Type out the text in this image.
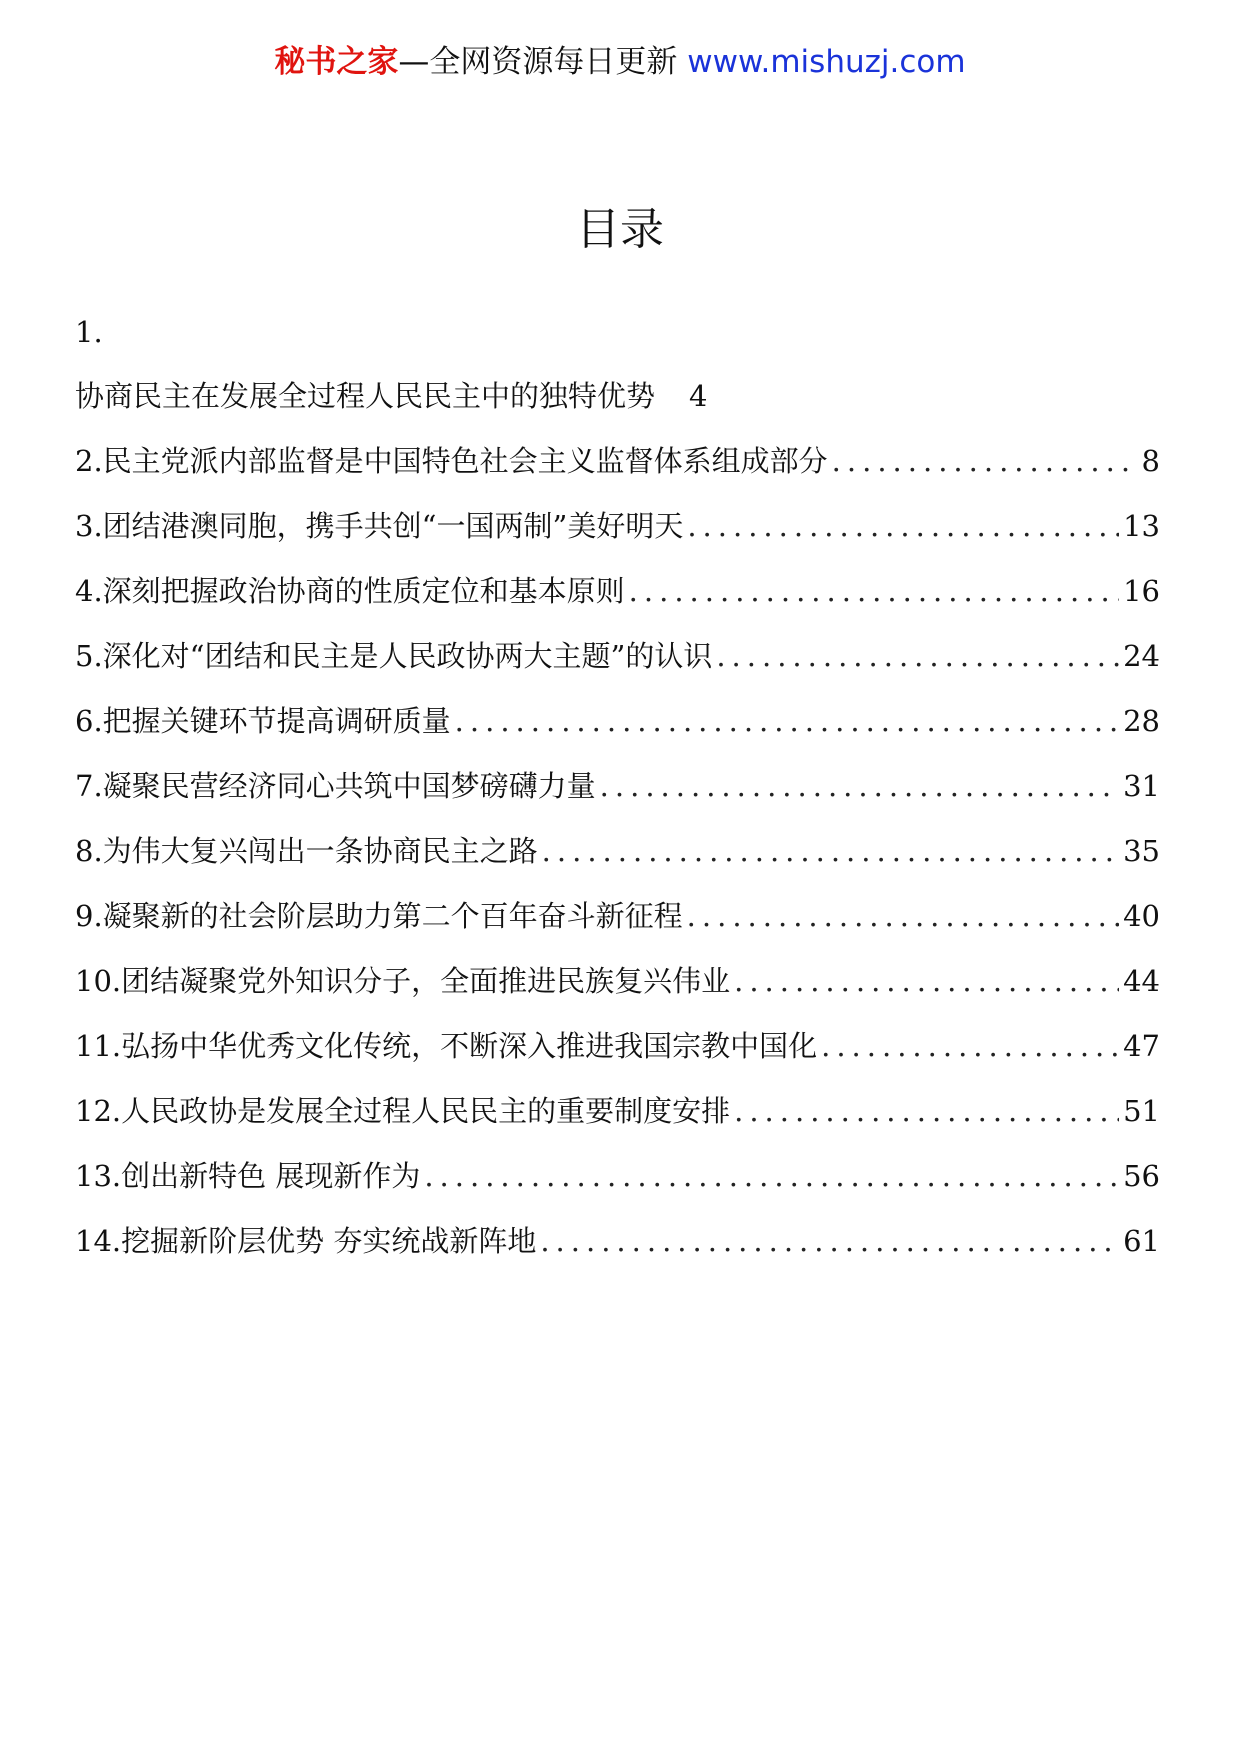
秘书之家—全网资源每日更新 www.mishuzj.com
目录
1.
协商民主在发展全过程人民民主中的独特优势 4
2.民主党派内部监督是中国特色社会主义监督体系组成部分 .....	8
3.团结港澳同胞，携手共创“一国两制”美好明天 .....	13
4.深刻把握政治协商的性质定位和基本原则 .....	16
5.深化对“团结和民主是人民政协两大主题”的认识 .....	24
6.把握关键环节提高调研质量 .....	28
7.凝聚民营经济同心共筑中国梦磅礴力量 .....	31
8.为伟大复兴闯出一条协商民主之路 .....	35
9.凝聚新的社会阶层助力第二个百年奋斗新征程 .....	40
10.团结凝聚党外知识分子，全面推进民族复兴伟业 .....	44
11.弘扬中华优秀文化传统，不断深入推进我国宗教中国化 .....	47
12.人民政协是发展全过程人民民主的重要制度安排 .....	51
13.创出新特色 展现新作为 .....	56
14.挖掘新阶层优势 夯实统战新阵地 .....	61
